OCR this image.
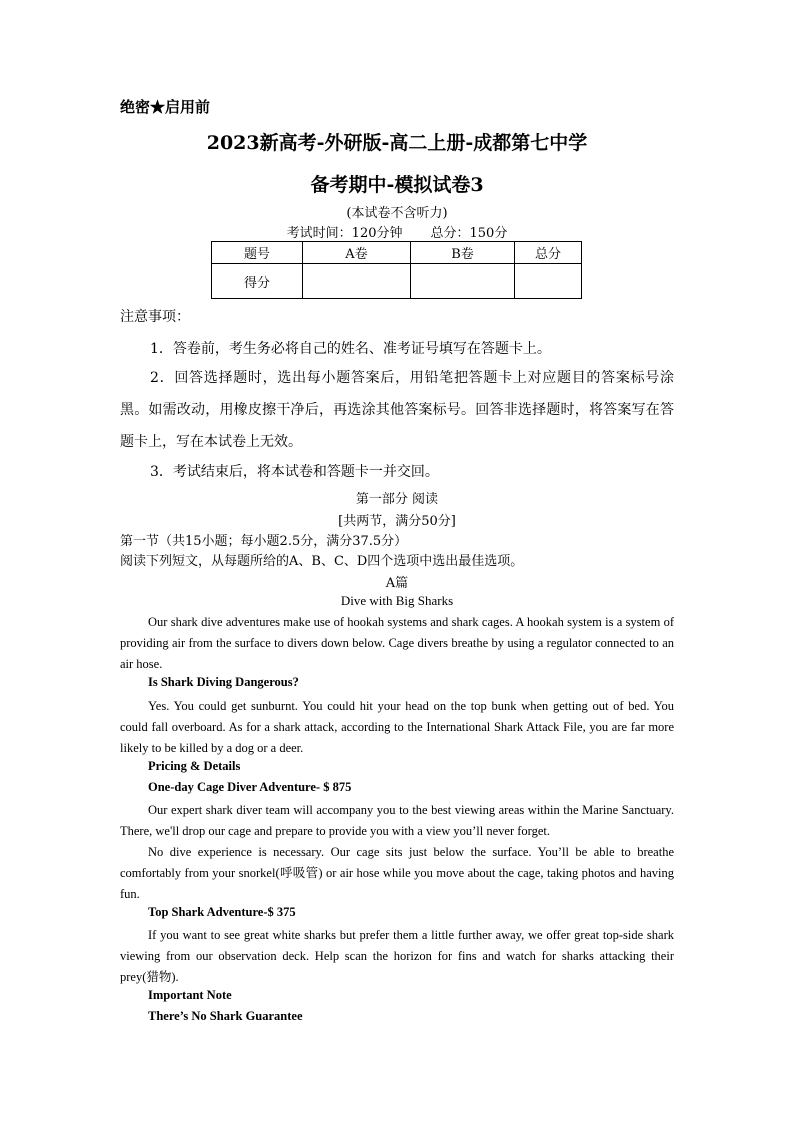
绝密★启用前
2023新高考-外研版-高二上册-成都第七中学
备考期中-模拟试卷3
(本试卷不含听力)
考试时间：120分钟 总分：150分
题号	A卷	B卷	总分
得分			
注意事项：
1．答卷前，考生务必将自己的姓名、准考证号填写在答题卡上。
2．回答选择题时，选出每小题答案后，用铅笔把答题卡上对应题目的答案标号涂黑。如需改动，用橡皮擦干净后，再选涂其他答案标号。回答非选择题时，将答案写在答题卡上，写在本试卷上无效。
3．考试结束后，将本试卷和答题卡一并交回。
第一部分 阅读
[共两节，满分50分]
第一节（共15小题；每小题2.5分，满分37.5分）
阅读下列短文，从每题所给的A、B、C、D四个选项中选出最佳选项。
A篇
Dive with Big Sharks
Our shark dive adventures make use of hookah systems and shark cages. A hookah system is a system of providing air from the surface to divers down below. Cage divers breathe by using a regulator connected to an air hose.
Is Shark Diving Dangerous?
Yes. You could get sunburnt. You could hit your head on the top bunk when getting out of bed. You could fall overboard. As for a shark attack, according to the International Shark Attack File, you are far more likely to be killed by a dog or a deer.
Pricing & Details
One-day Cage Diver Adventure- $ 875
Our expert shark diver team will accompany you to the best viewing areas within the Marine Sanctuary. There, we'll drop our cage and prepare to provide you with a view you’ll never forget.
No dive experience is necessary. Our cage sits just below the surface. You’ll be able to breathe comfortably from your snorkel(呼吸管) or air hose while you move about the cage, taking photos and having fun.
Top Shark Adventure-$ 375
If you want to see great white sharks but prefer them a little further away, we offer great top-side shark viewing from our observation deck. Help scan the horizon for fins and watch for sharks attacking their prey(猎物).
Important Note
There’s No Shark Guarantee
